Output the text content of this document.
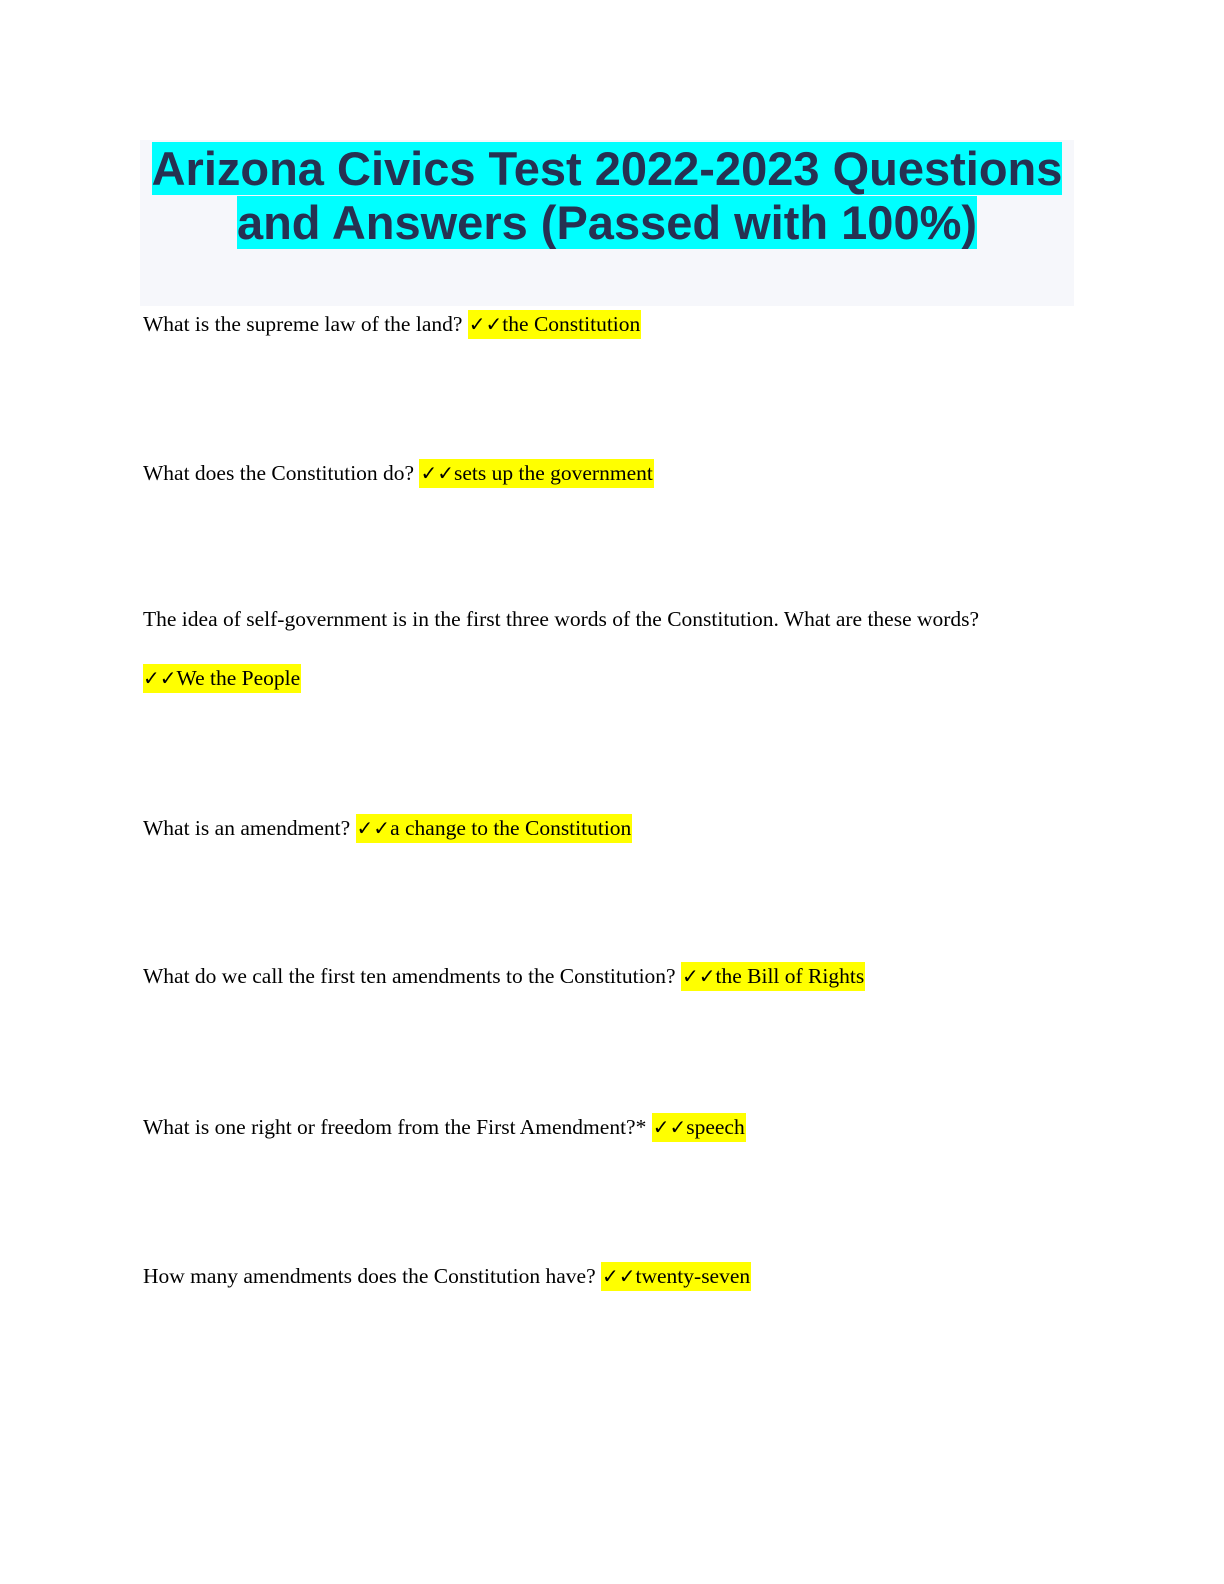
Arizona Civics Test 2022-2023 Questions
and Answers (Passed with 100%)

What is the supreme law of the land? ✓✓the Constitution

What does the Constitution do? ✓✓sets up the government

The idea of self-government is in the first three words of the Constitution. What are these words?

✓✓We the People

What is an amendment? ✓✓a change to the Constitution

What do we call the first ten amendments to the Constitution? ✓✓the Bill of Rights

What is one right or freedom from the First Amendment?* ✓✓speech

How many amendments does the Constitution have? ✓✓twenty-seven
